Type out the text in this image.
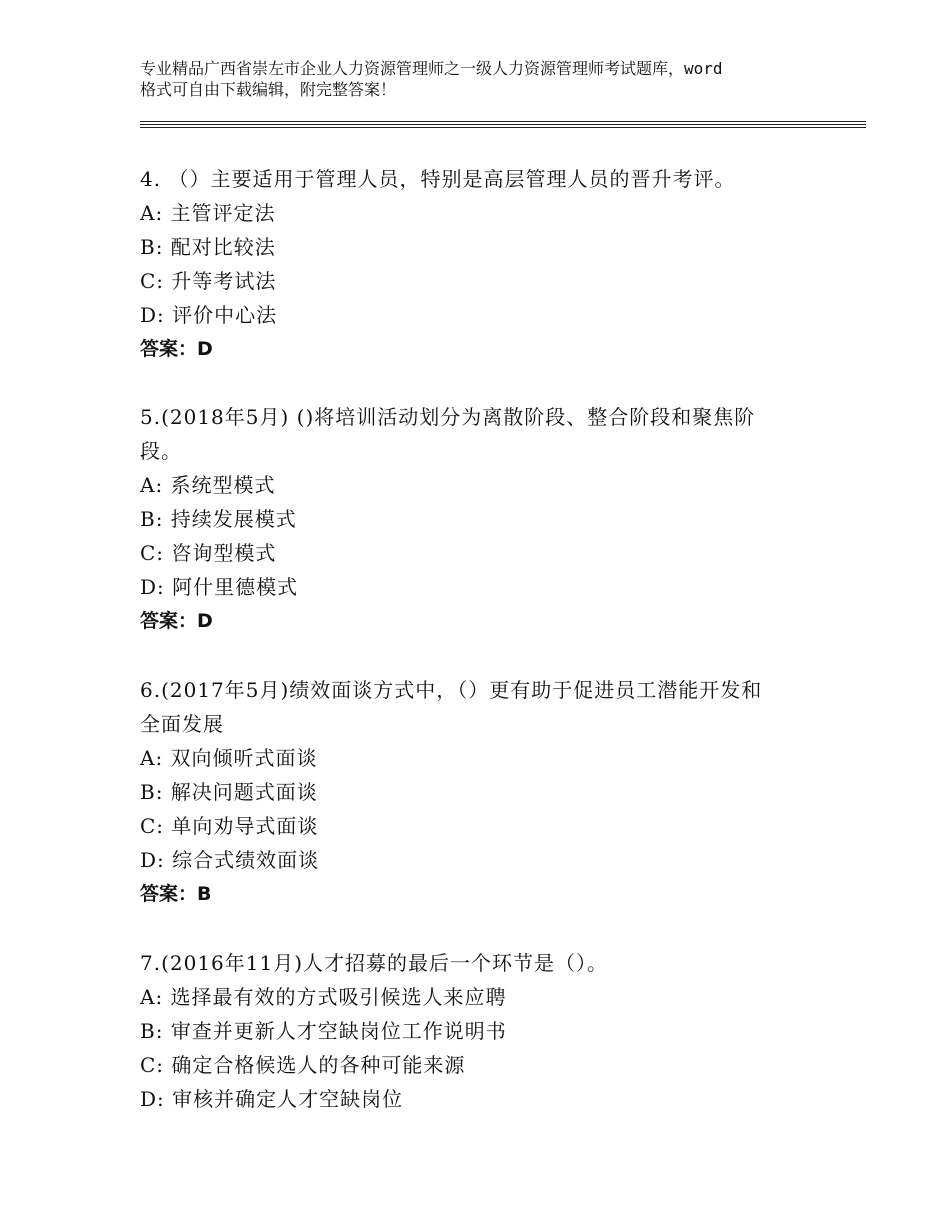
专业精品广西省崇左市企业人力资源管理师之一级人力资源管理师考试题库，word
格式可自由下载编辑，附完整答案！

4. （）主要适用于管理人员，特别是高层管理人员的晋升考评。

A: 主管评定法
B: 配对比较法
C: 升等考试法
D: 评价中心法
答案：D

5.(2018年5月) ()将培训活动划分为离散阶段、整合阶段和聚焦阶

段。

A: 系统型模式
B: 持续发展模式
C: 咨询型模式
D: 阿什里德模式
答案：D

6.(2017年5月)绩效面谈方式中，（）更有助于促进员工潜能开发和

全面发展

A: 双向倾听式面谈
B: 解决问题式面谈
C: 单向劝导式面谈
D: 综合式绩效面谈
答案：B

7.(2016年11月)人才招募的最后一个环节是（）。

A: 选择最有效的方式吸引候选人来应聘
B: 审查并更新人才空缺岗位工作说明书
C: 确定合格候选人的各种可能来源
D: 审核并确定人才空缺岗位
